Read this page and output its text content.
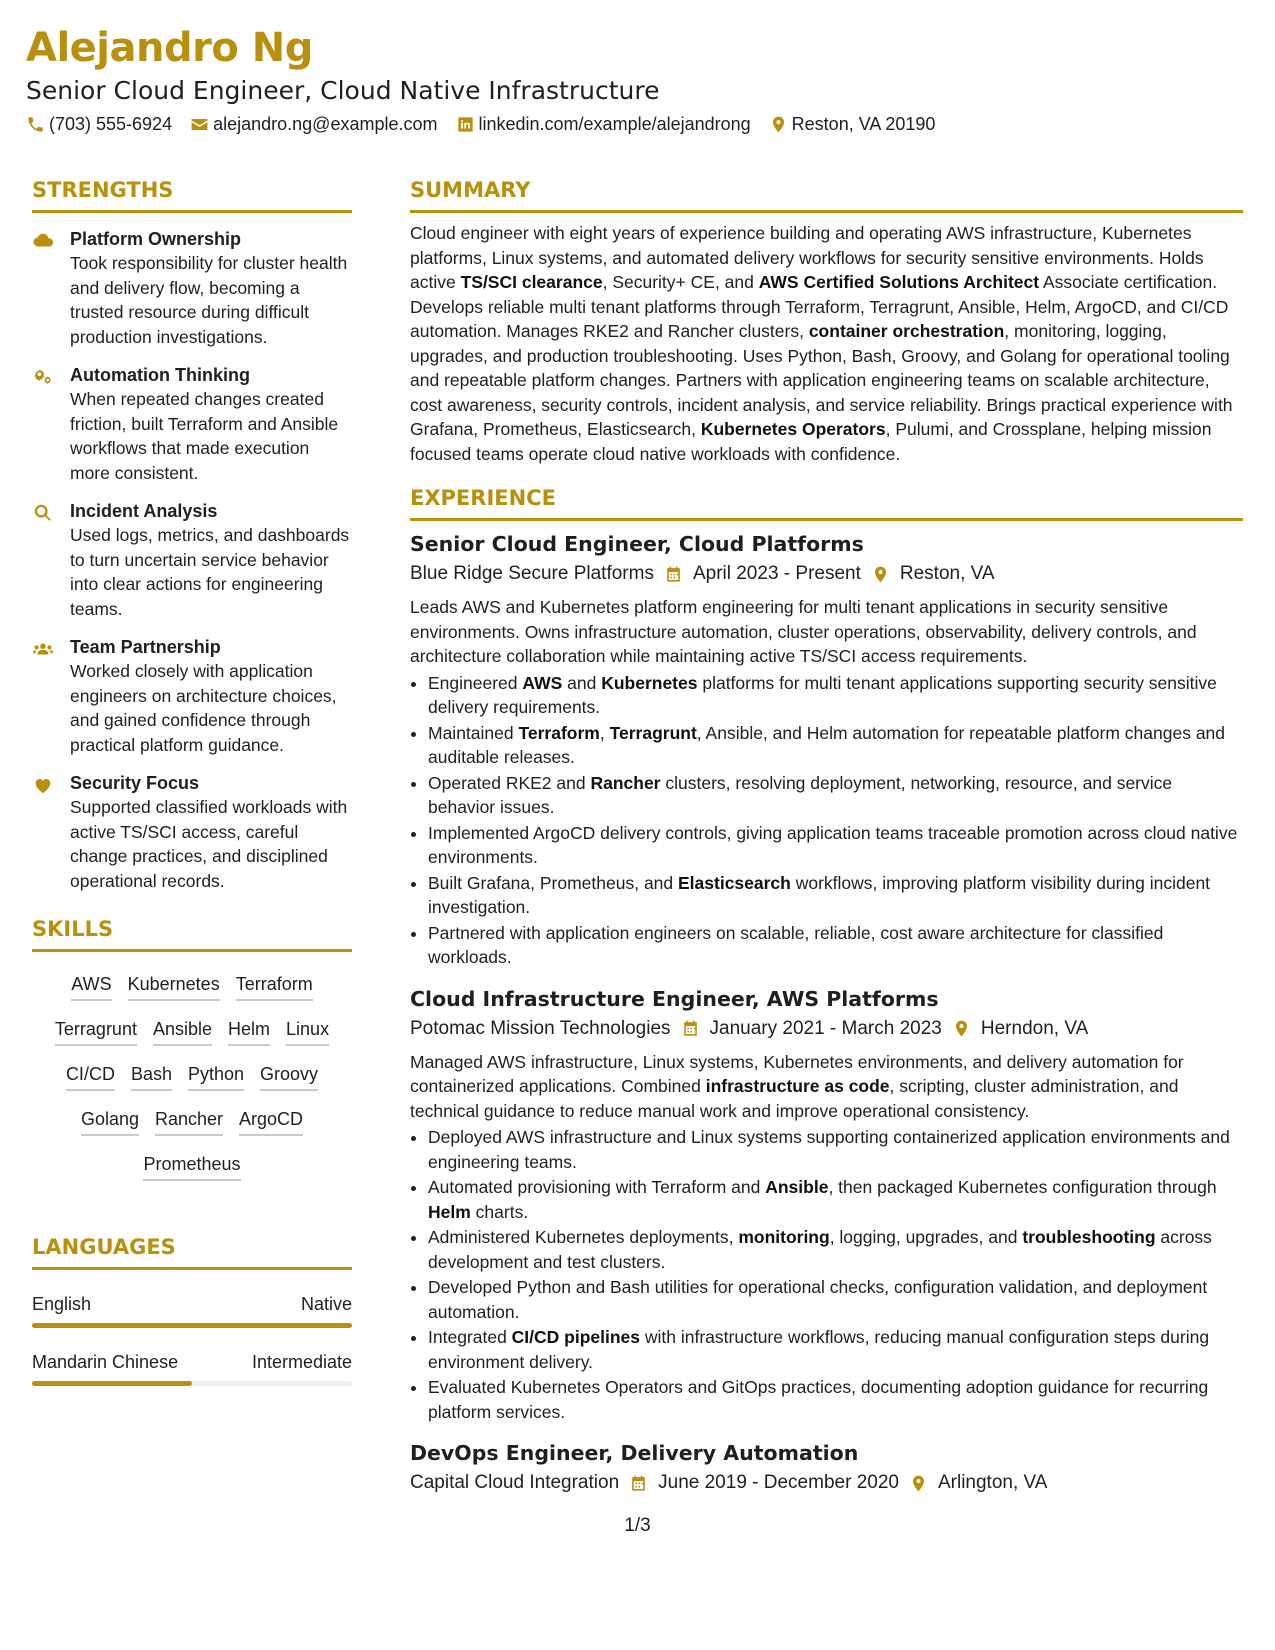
Alejandro Ng

Senior Cloud Engineer, Cloud Native Infrastructure

(703) 555-6924 alejandro.ng@example.com linkedin.com/example/alejandrong Reston, VA 20190
STRENGTHS
Platform Ownership
Took responsibility for cluster health and delivery flow, becoming a trusted resource during difficult production investigations.
Automation Thinking
When repeated changes created friction, built Terraform and Ansible workflows that made execution more consistent.
Incident Analysis
Used logs, metrics, and dashboards to turn uncertain service behavior into clear actions for engineering teams.
Team Partnership
Worked closely with application engineers on architecture choices, and gained confidence through practical platform guidance.
Security Focus
Supported classified workloads with active TS/SCI access, careful change practices, and disciplined operational records.
SKILLS
AWS Kubernetes Terraform
Terragrunt Ansible Helm Linux
CI/CD Bash Python Groovy
Golang Rancher ArgoCD
Prometheus
LANGUAGES
English	Native
Mandarin Chinese	Intermediate
SUMMARY

Cloud engineer with eight years of experience building and operating AWS infrastructure, Kubernetes platforms, Linux systems, and automated delivery workflows for security sensitive environments. Holds active TS/SCI clearance, Security+ CE, and AWS Certified Solutions Architect Associate certification. Develops reliable multi tenant platforms through Terraform, Terragrunt, Ansible, Helm, ArgoCD, and CI/CD automation. Manages RKE2 and Rancher clusters, container orchestration, monitoring, logging, upgrades, and production troubleshooting. Uses Python, Bash, Groovy, and Golang for operational tooling and repeatable platform changes. Partners with application engineering teams on scalable architecture, cost awareness, security controls, incident analysis, and service reliability. Brings practical experience with Grafana, Prometheus, Elasticsearch, Kubernetes Operators, Pulumi, and Crossplane, helping mission focused teams operate cloud native workloads with confidence.

EXPERIENCE
Senior Cloud Engineer, Cloud Platforms
Blue Ridge Secure Platforms April 2023 - Present Reston, VA

Leads AWS and Kubernetes platform engineering for multi tenant applications in security sensitive environments. Owns infrastructure automation, cluster operations, observability, delivery controls, and architecture collaboration while maintaining active TS/SCI access requirements.

• Engineered AWS and Kubernetes platforms for multi tenant applications supporting security sensitive delivery requirements.
• Maintained Terraform, Terragrunt, Ansible, and Helm automation for repeatable platform changes and auditable releases.
• Operated RKE2 and Rancher clusters, resolving deployment, networking, resource, and service behavior issues.
• Implemented ArgoCD delivery controls, giving application teams traceable promotion across cloud native environments.
• Built Grafana, Prometheus, and Elasticsearch workflows, improving platform visibility during incident investigation.
• Partnered with application engineers on scalable, reliable, cost aware architecture for classified workloads.
Cloud Infrastructure Engineer, AWS Platforms
Potomac Mission Technologies January 2021 - March 2023 Herndon, VA

Managed AWS infrastructure, Linux systems, Kubernetes environments, and delivery automation for containerized applications. Combined infrastructure as code, scripting, cluster administration, and technical guidance to reduce manual work and improve operational consistency.

• Deployed AWS infrastructure and Linux systems supporting containerized application environments and engineering teams.
• Automated provisioning with Terraform and Ansible, then packaged Kubernetes configuration through Helm charts.
• Administered Kubernetes deployments, monitoring, logging, upgrades, and troubleshooting across development and test clusters.
• Developed Python and Bash utilities for operational checks, configuration validation, and deployment automation.
• Integrated CI/CD pipelines with infrastructure workflows, reducing manual configuration steps during environment delivery.
• Evaluated Kubernetes Operators and GitOps practices, documenting adoption guidance for recurring platform services.
DevOps Engineer, Delivery Automation
Capital Cloud Integration June 2019 - December 2020 Arlington, VA
1/3
